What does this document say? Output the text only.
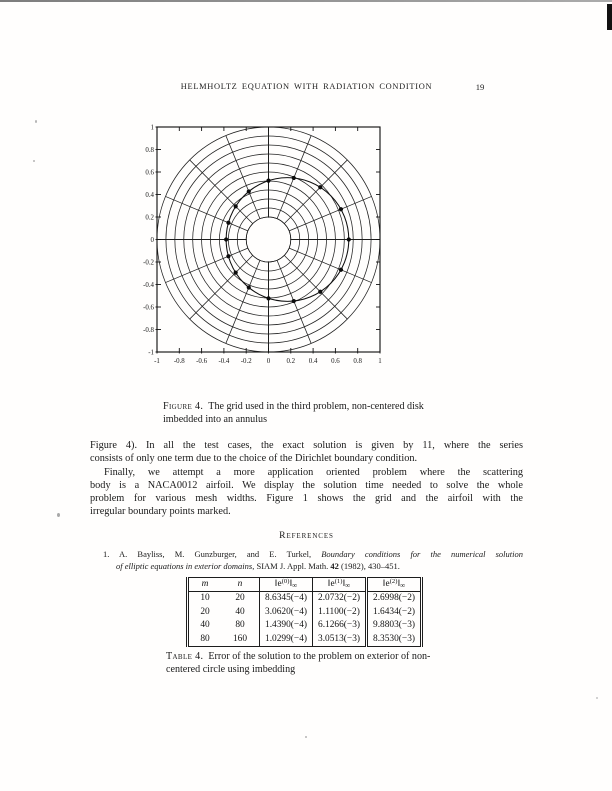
HELMHOLTZ EQUATION WITH RADIATION CONDITION	19
-1 -0.8 -0.6 -0.4 -0.2 0 0.2 0.4 0.6 0.8 1
1
0.8
0.6
0.4
0.2
0
-0.2
-0.4
-0.6
-0.8
-1
Figure 4. The grid used in the third problem, non-centered disk
imbedded into an annulus
Figure 4). In all the test cases, the exact solution is given by 11, where the series
consists of only one term due to the choice of the Dirichlet boundary condition.
Finally, we attempt a more application oriented problem where the scattering
body is a NACA0012 airfoil. We display the solution time needed to solve the whole
problem for various mesh widths. Figure 1 shows the grid and the airfoil with the
irregular boundary points marked.
References
1. A. Bayliss, M. Gunzburger, and E. Turkel, Boundary conditions for the numerical solution
of elliptic equations in exterior domains, SIAM J. Appl. Math. 42 (1982), 430–451.
m	n	$‖e^{(0)}‖_\infty$	$‖e^{(1)}‖_\infty$	$‖e^{(2)}‖_\infty$
10	20	8.6345(−4)	2.0732(−2)	2.6998(−2)
20	40	3.0620(−4)	1.1100(−2)	1.6434(−2)
40	80	1.4390(−4)	6.1266(−3)	9.8803(−3)
80	160	1.0299(−4)	3.0513(−3)	8.3530(−3)
Table 4. Error of the solution to the problem on exterior of non-
centered circle using imbedding
